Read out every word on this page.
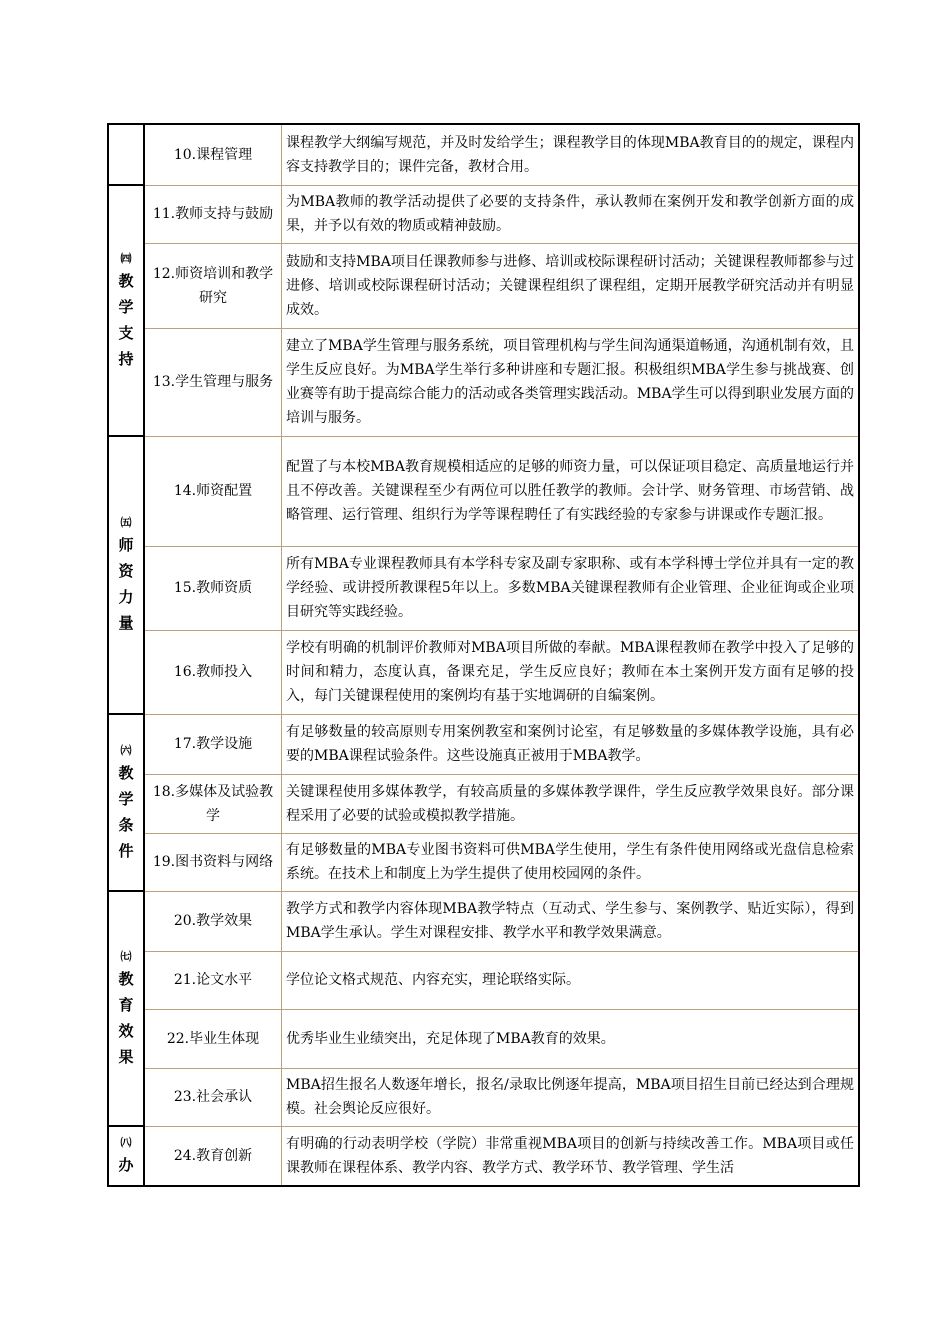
	10.课程管理	课程教学大纲编写规范，并及时发给学生；课程教学目的体现MBA教育目的的规定，课程内容支持教学目的；课件完备，教材合用。

㈣
教学支持	11.教师支持与鼓励	为MBA教师的教学活动提供了必要的支持条件，承认教师在案例开发和教学创新方面的成果，并予以有效的物质或精神鼓励。
	12.师资培训和教学研究	鼓励和支持MBA项目任课教师参与进修、培训或校际课程研讨活动；关键课程教师都参与过进修、培训或校际课程研讨活动；关键课程组织了课程组，定期开展教学研究活动并有明显成效。
	13.学生管理与服务	建立了MBA学生管理与服务系统，项目管理机构与学生间沟通渠道畅通，沟通机制有效，且学生反应良好。为MBA学生举行多种讲座和专题汇报。积极组织MBA学生参与挑战赛、创业赛等有助于提高综合能力的活动或各类管理实践活动。MBA学生可以得到职业发展方面的培训与服务。

㈤
师资力量	14.师资配置	配置了与本校MBA教育规模相适应的足够的师资力量，可以保证项目稳定、高质量地运行并且不停改善。关键课程至少有两位可以胜任教学的教师。会计学、财务管理、市场营销、战略管理、运行管理、组织行为学等课程聘任了有实践经验的专家参与讲课或作专题汇报。
	15.教师资质	所有MBA专业课程教师具有本学科专家及副专家职称、或有本学科博士学位并具有一定的教学经验、或讲授所教课程5年以上。多数MBA关键课程教师有企业管理、企业征询或企业项目研究等实践经验。
	16.教师投入	学校有明确的机制评价教师对MBA项目所做的奉献。MBA课程教师在教学中投入了足够的时间和精力，态度认真，备课充足，学生反应良好；教师在本土案例开发方面有足够的投入，每门关键课程使用的案例均有基于实地调研的自编案例。

㈥
教学条件	17.教学设施	有足够数量的较高原则专用案例教室和案例讨论室，有足够数量的多媒体教学设施，具有必要的MBA课程试验条件。这些设施真正被用于MBA教学。
	18.多媒体及试验教学	关键课程使用多媒体教学，有较高质量的多媒体教学课件，学生反应教学效果良好。部分课程采用了必要的试验或模拟教学措施。
	19.图书资料与网络	有足够数量的MBA专业图书资料可供MBA学生使用，学生有条件使用网络或光盘信息检索系统。在技术上和制度上为学生提供了使用校园网的条件。

㈦
教育效果	20.教学效果	教学方式和教学内容体现MBA教学特点（互动式、学生参与、案例教学、贴近实际），得到MBA学生承认。学生对课程安排、教学水平和教学效果满意。
	21.论文水平	学位论文格式规范、内容充实，理论联络实际。
	22.毕业生体现	优秀毕业生业绩突出，充足体现了MBA教育的效果。
	23.社会承认	MBA招生报名人数逐年增长，报名/录取比例逐年提高，MBA项目招生目前已经达到合理规模。社会舆论反应很好。

㈧
办	24.教育创新	有明确的行动表明学校（学院）非常重视MBA项目的创新与持续改善工作。MBA项目或任课教师在课程体系、教学内容、教学方式、教学环节、教学管理、学生活
